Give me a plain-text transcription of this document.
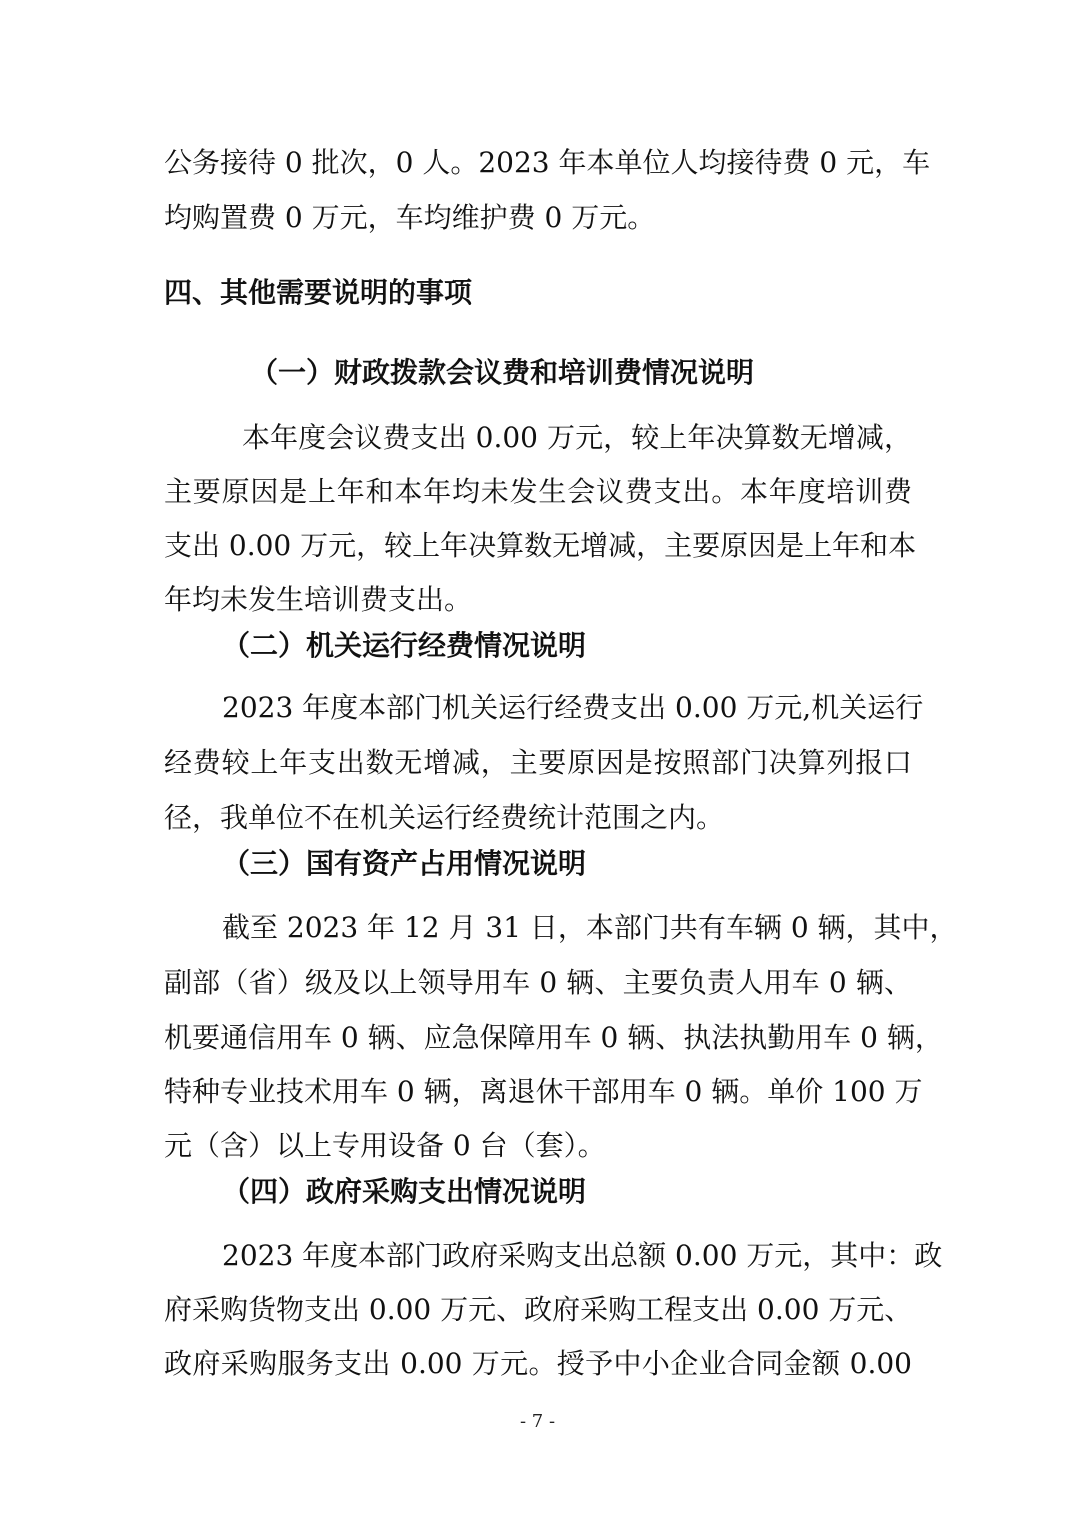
公务接待 0 批次，0 人。2023 年本单位人均接待费 0 元，车

均购置费 0 万元，车均维护费 0 万元。

四、其他需要说明的事项
（一）财政拨款会议费和培训费情况说明

本年度会议费支出 0.00 万元，较上年决算数无增减，

主要原因是上年和本年均未发生会议费支出。本年度培训费

支出 0.00 万元，较上年决算数无增减，主要原因是上年和本

年均未发生培训费支出。

（二）机关运行经费情况说明

2023 年度本部门机关运行经费支出 0.00 万元,机关运行

经费较上年支出数无增减，主要原因是按照部门决算列报口

径，我单位不在机关运行经费统计范围之内。

（三）国有资产占用情况说明

截至 2023 年 12 月 31 日，本部门共有车辆 0 辆，其中，

副部（省）级及以上领导用车 0 辆、主要负责人用车 0 辆、

机要通信用车 0 辆、应急保障用车 0 辆、执法执勤用车 0 辆，

特种专业技术用车 0 辆，离退休干部用车 0 辆。单价 100 万

元（含）以上专用设备 0 台（套）。

（四）政府采购支出情况说明

2023 年度本部门政府采购支出总额 0.00 万元，其中：政

府采购货物支出 0.00 万元、政府采购工程支出 0.00 万元、

政府采购服务支出 0.00 万元。授予中小企业合同金额 0.00

- 7 -
